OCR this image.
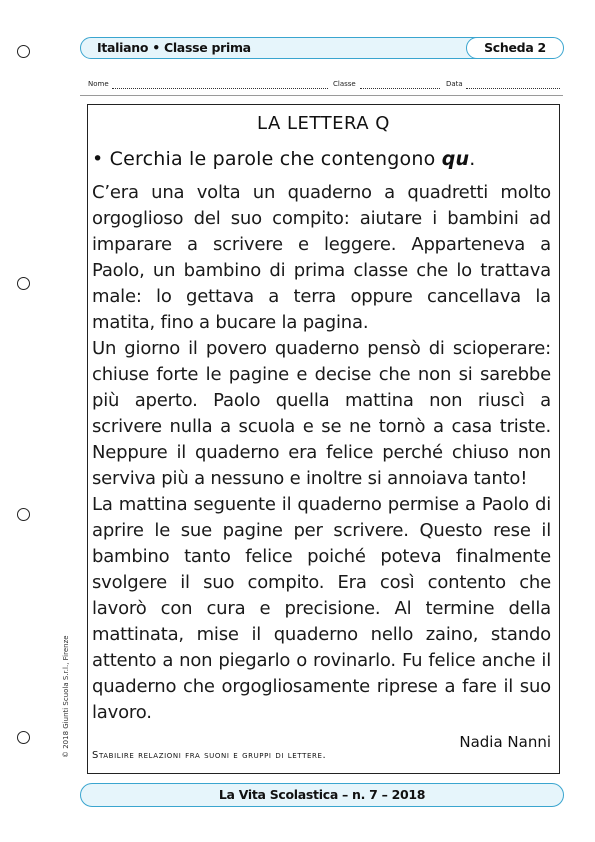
Italiano • Classe prima	Scheda 2
Nome	Classe	Data
LA LETTERA Q
• Cerchia le parole che contengono qu.

C’era una volta un quaderno a quadretti molto orgoglioso del suo compito: aiutare i bambini ad imparare a scrivere e leggere. Apparteneva a Paolo, un bambino di prima classe che lo trattava male: lo gettava a terra oppure cancellava la matita, fino a bucare la pagina.

Un giorno il povero quaderno pensò di scioperare: chiuse forte le pagine e decise che non si sarebbe più aperto. Paolo quella mattina non riuscì a scrivere nulla a scuola e se ne tornò a casa triste. Neppure il quaderno era felice perché chiuso non serviva più a nessuno e inoltre si annoiava tanto!

La mattina seguente il quaderno permise a Paolo di aprire le sue pagine per scrivere. Questo rese il bambino tanto felice poiché poteva finalmente svolgere il suo compito. Era così contento che lavorò con cura e precisione. Al termine della mattinata, mise il quaderno nello zaino, stando attento a non piegarlo o rovinarlo. Fu felice anche il quaderno che orgogliosamente riprese a fare il suo lavoro.

Nadia Nanni
Stabilire relazioni fra suoni e gruppi di lettere.
© 2018 Giunti Scuola S.r.l., Firenze
La Vita Scolastica – n. 7 – 2018
